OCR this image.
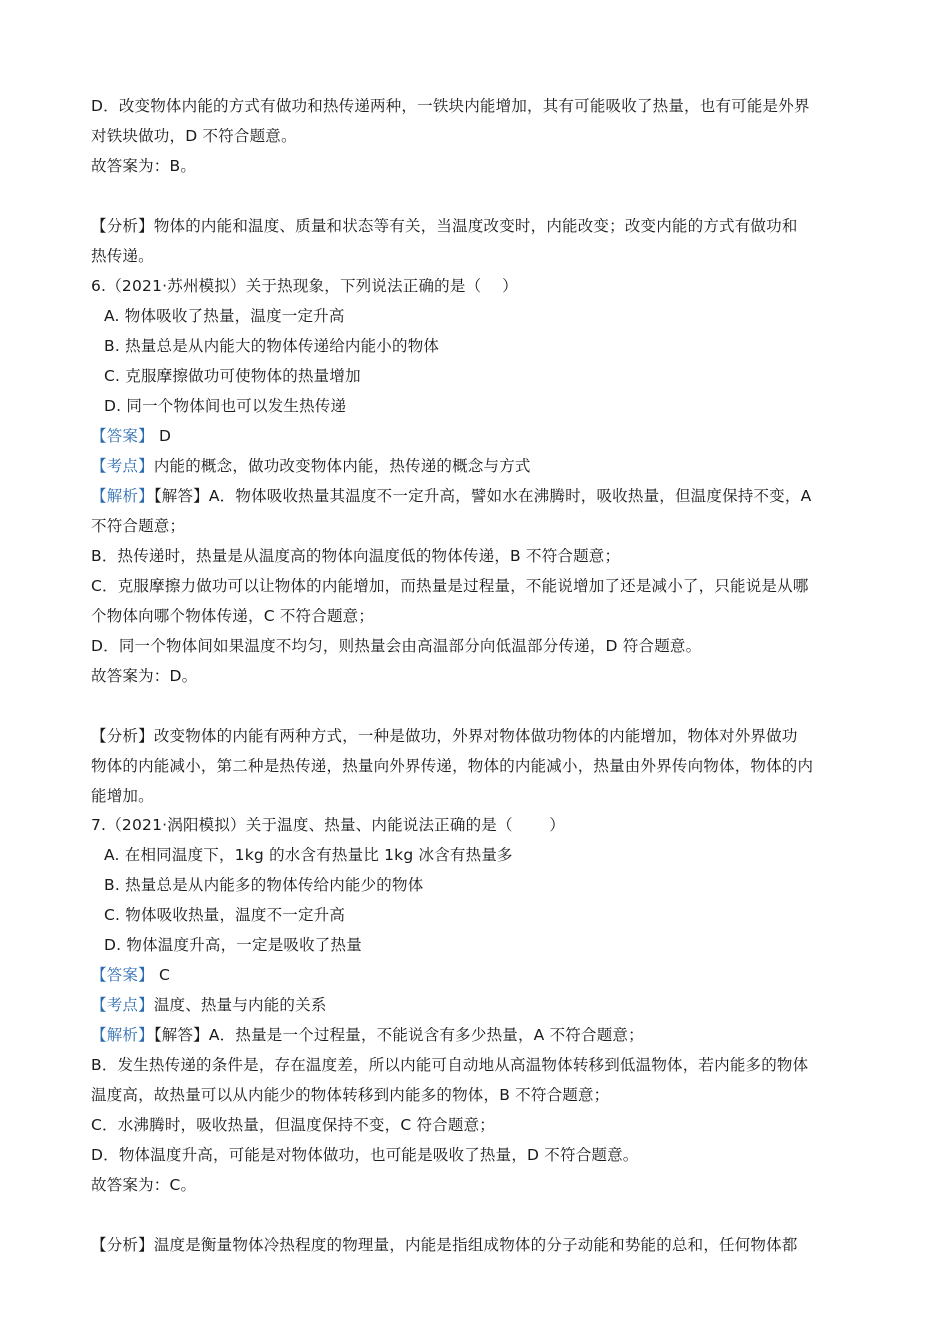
D．改变物体内能的方式有做功和热传递两种，一铁块内能增加，其有可能吸收了热量，也有可能是外界
对铁块做功，D 不符合题意。
故答案为：B。
【分析】物体的内能和温度、质量和状态等有关，当温度改变时，内能改变；改变内能的方式有做功和
热传递。
6.（2021·苏州模拟）关于热现象，下列说法正确的是（　 ）
A. 物体吸收了热量，温度一定升高
B. 热量总是从内能大的物体传递给内能小的物体
C. 克服摩擦做功可使物体的热量增加
D. 同一个物体间也可以发生热传递
【答案】 D
【考点】内能的概念，做功改变物体内能，热传递的概念与方式
【解析】【解答】A．物体吸收热量其温度不一定升高，譬如水在沸腾时，吸收热量，但温度保持不变，A
不符合题意；
B．热传递时，热量是从温度高的物体向温度低的物体传递，B 不符合题意；
C．克服摩擦力做功可以让物体的内能增加，而热量是过程量，不能说增加了还是减小了，只能说是从哪
个物体向哪个物体传递，C 不符合题意；
D．同一个物体间如果温度不均匀，则热量会由高温部分向低温部分传递，D 符合题意。
故答案为：D。
【分析】改变物体的内能有两种方式，一种是做功，外界对物体做功物体的内能增加，物体对外界做功
物体的内能减小，第二种是热传递，热量向外界传递，物体的内能减小，热量由外界传向物体，物体的内
能增加。
7.（2021·涡阳模拟）关于温度、热量、内能说法正确的是（　　 ）
A. 在相同温度下，1kg 的水含有热量比 1kg 冰含有热量多
B. 热量总是从内能多的物体传给内能少的物体
C. 物体吸收热量，温度不一定升高
D. 物体温度升高，一定是吸收了热量
【答案】 C
【考点】温度、热量与内能的关系
【解析】【解答】A．热量是一个过程量，不能说含有多少热量，A 不符合题意；
B．发生热传递的条件是，存在温度差，所以内能可自动地从高温物体转移到低温物体，若内能多的物体
温度高，故热量可以从内能少的物体转移到内能多的物体，B 不符合题意；
C．水沸腾时，吸收热量，但温度保持不变，C 符合题意；
D．物体温度升高，可能是对物体做功，也可能是吸收了热量，D 不符合题意。
故答案为：C。
【分析】温度是衡量物体冷热程度的物理量，内能是指组成物体的分子动能和势能的总和，任何物体都
